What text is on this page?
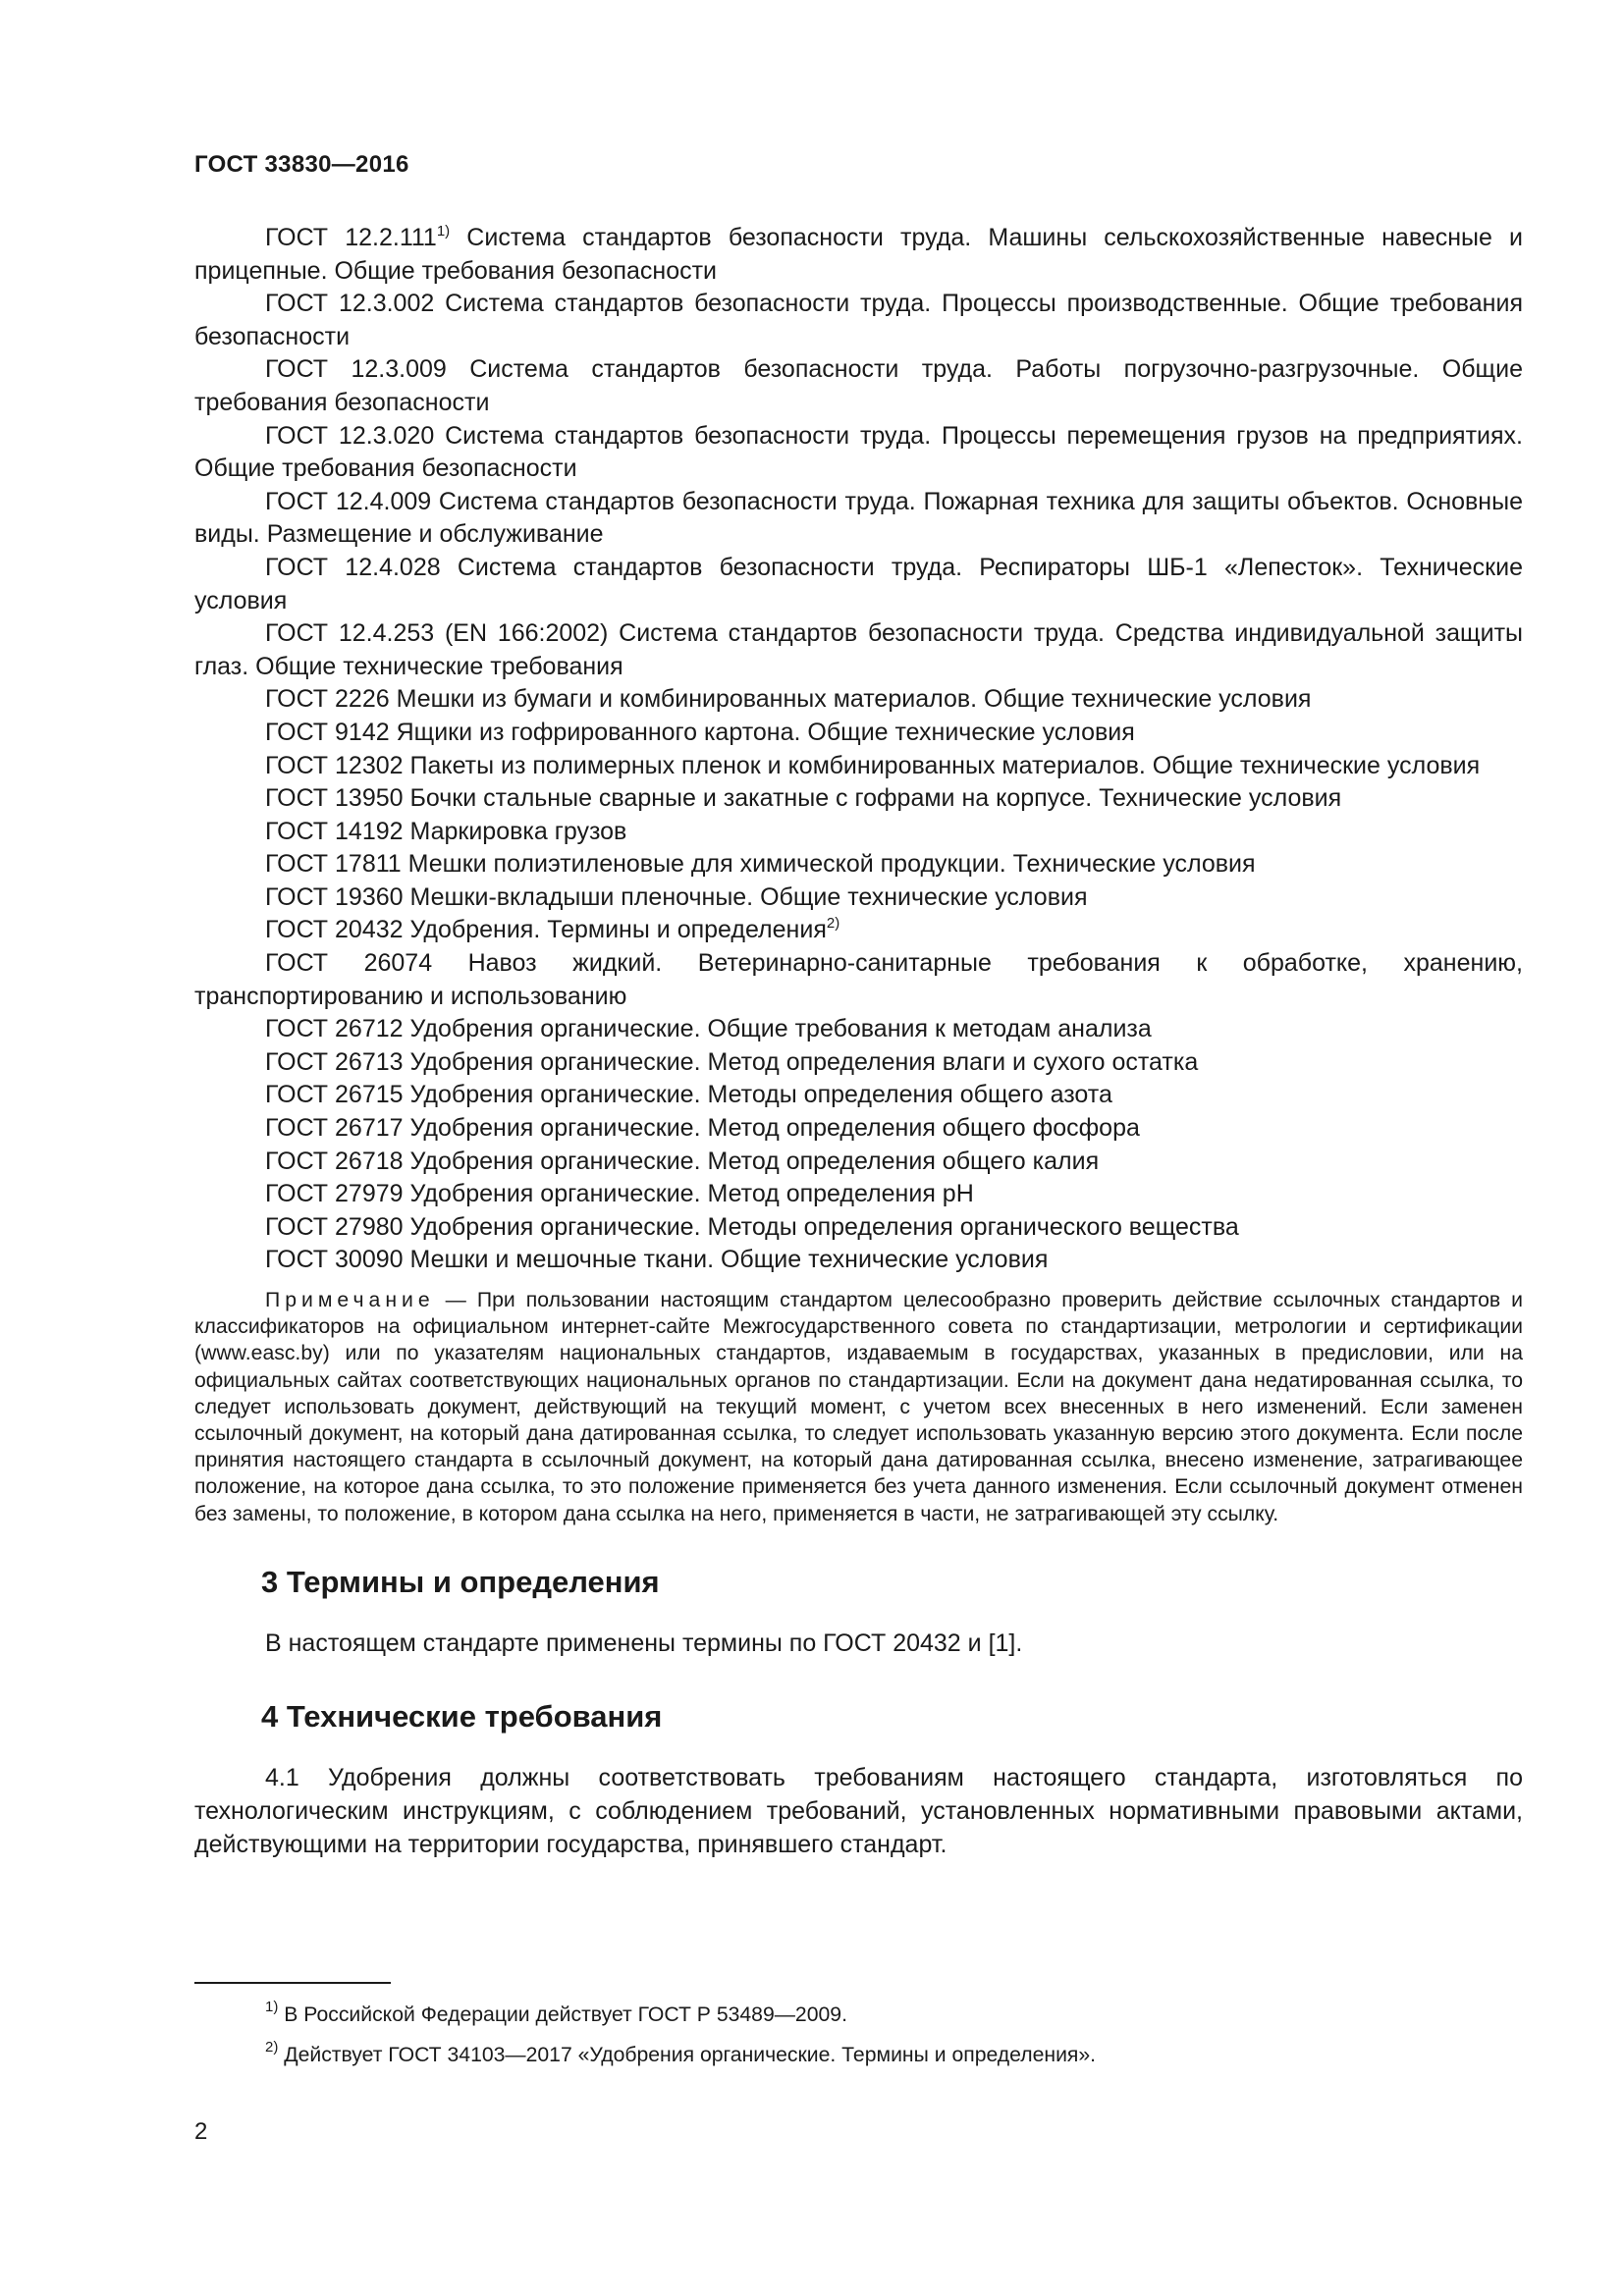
ГОСТ 33830—2016

ГОСТ 12.2.111$^{1)}$ Система стандартов безопасности труда. Машины сельскохозяйственные навесные и прицепные. Общие требования безопасности

ГОСТ 12.3.002 Система стандартов безопасности труда. Процессы производственные. Общие требования безопасности

ГОСТ 12.3.009 Система стандартов безопасности труда. Работы погрузочно-разгрузочные. Общие требования безопасности

ГОСТ 12.3.020 Система стандартов безопасности труда. Процессы перемещения грузов на предприятиях. Общие требования безопасности

ГОСТ 12.4.009 Система стандартов безопасности труда. Пожарная техника для защиты объектов. Основные виды. Размещение и обслуживание

ГОСТ 12.4.028 Система стандартов безопасности труда. Респираторы ШБ-1 «Лепесток». Технические условия

ГОСТ 12.4.253 (EN 166:2002) Система стандартов безопасности труда. Средства индивидуальной защиты глаз. Общие технические требования

ГОСТ 2226 Мешки из бумаги и комбинированных материалов. Общие технические условия

ГОСТ 9142 Ящики из гофрированного картона. Общие технические условия

ГОСТ 12302 Пакеты из полимерных пленок и комбинированных материалов. Общие технические условия

ГОСТ 13950 Бочки стальные сварные и закатные с гофрами на корпусе. Технические условия

ГОСТ 14192 Маркировка грузов

ГОСТ 17811 Мешки полиэтиленовые для химической продукции. Технические условия

ГОСТ 19360 Мешки-вкладыши пленочные. Общие технические условия

ГОСТ 20432 Удобрения. Термины и определения$^{2)}$

ГОСТ 26074 Навоз жидкий. Ветеринарно-санитарные требования к обработке, хранению, транспортированию и использованию

ГОСТ 26712 Удобрения органические. Общие требования к методам анализа

ГОСТ 26713 Удобрения органические. Метод определения влаги и сухого остатка

ГОСТ 26715 Удобрения органические. Методы определения общего азота

ГОСТ 26717 Удобрения органические. Метод определения общего фосфора

ГОСТ 26718 Удобрения органические. Метод определения общего калия

ГОСТ 27979 Удобрения органические. Метод определения pH

ГОСТ 27980 Удобрения органические. Методы определения органического вещества

ГОСТ 30090 Мешки и мешочные ткани. Общие технические условия

Примечание — При пользовании настоящим стандартом целесообразно проверить действие ссылочных стандартов и классификаторов на официальном интернет-сайте Межгосударственного совета по стандартизации, метрологии и сертификации (www.easc.by) или по указателям национальных стандартов, издаваемым в государствах, указанных в предисловии, или на официальных сайтах соответствующих национальных органов по стандартизации. Если на документ дана недатированная ссылка, то следует использовать документ, действующий на текущий момент, с учетом всех внесенных в него изменений. Если заменен ссылочный документ, на который дана датированная ссылка, то следует использовать указанную версию этого документа. Если после принятия настоящего стандарта в ссылочный документ, на который дана датированная ссылка, внесено изменение, затрагивающее положение, на которое дана ссылка, то это положение применяется без учета данного изменения. Если ссылочный документ отменен без замены, то положение, в котором дана ссылка на него, применяется в части, не затрагивающей эту ссылку.

3 Термины и определения

В настоящем стандарте применены термины по ГОСТ 20432 и [1].

4 Технические требования

4.1 Удобрения должны соответствовать требованиям настоящего стандарта, изготовляться по технологическим инструкциям, с соблюдением требований, установленных нормативными правовыми актами, действующими на территории государства, принявшего стандарт.

$^{1)}$ В Российской Федерации действует ГОСТ Р 53489—2009.

$^{2)}$ Действует ГОСТ 34103—2017 «Удобрения органические. Термины и определения».

2
